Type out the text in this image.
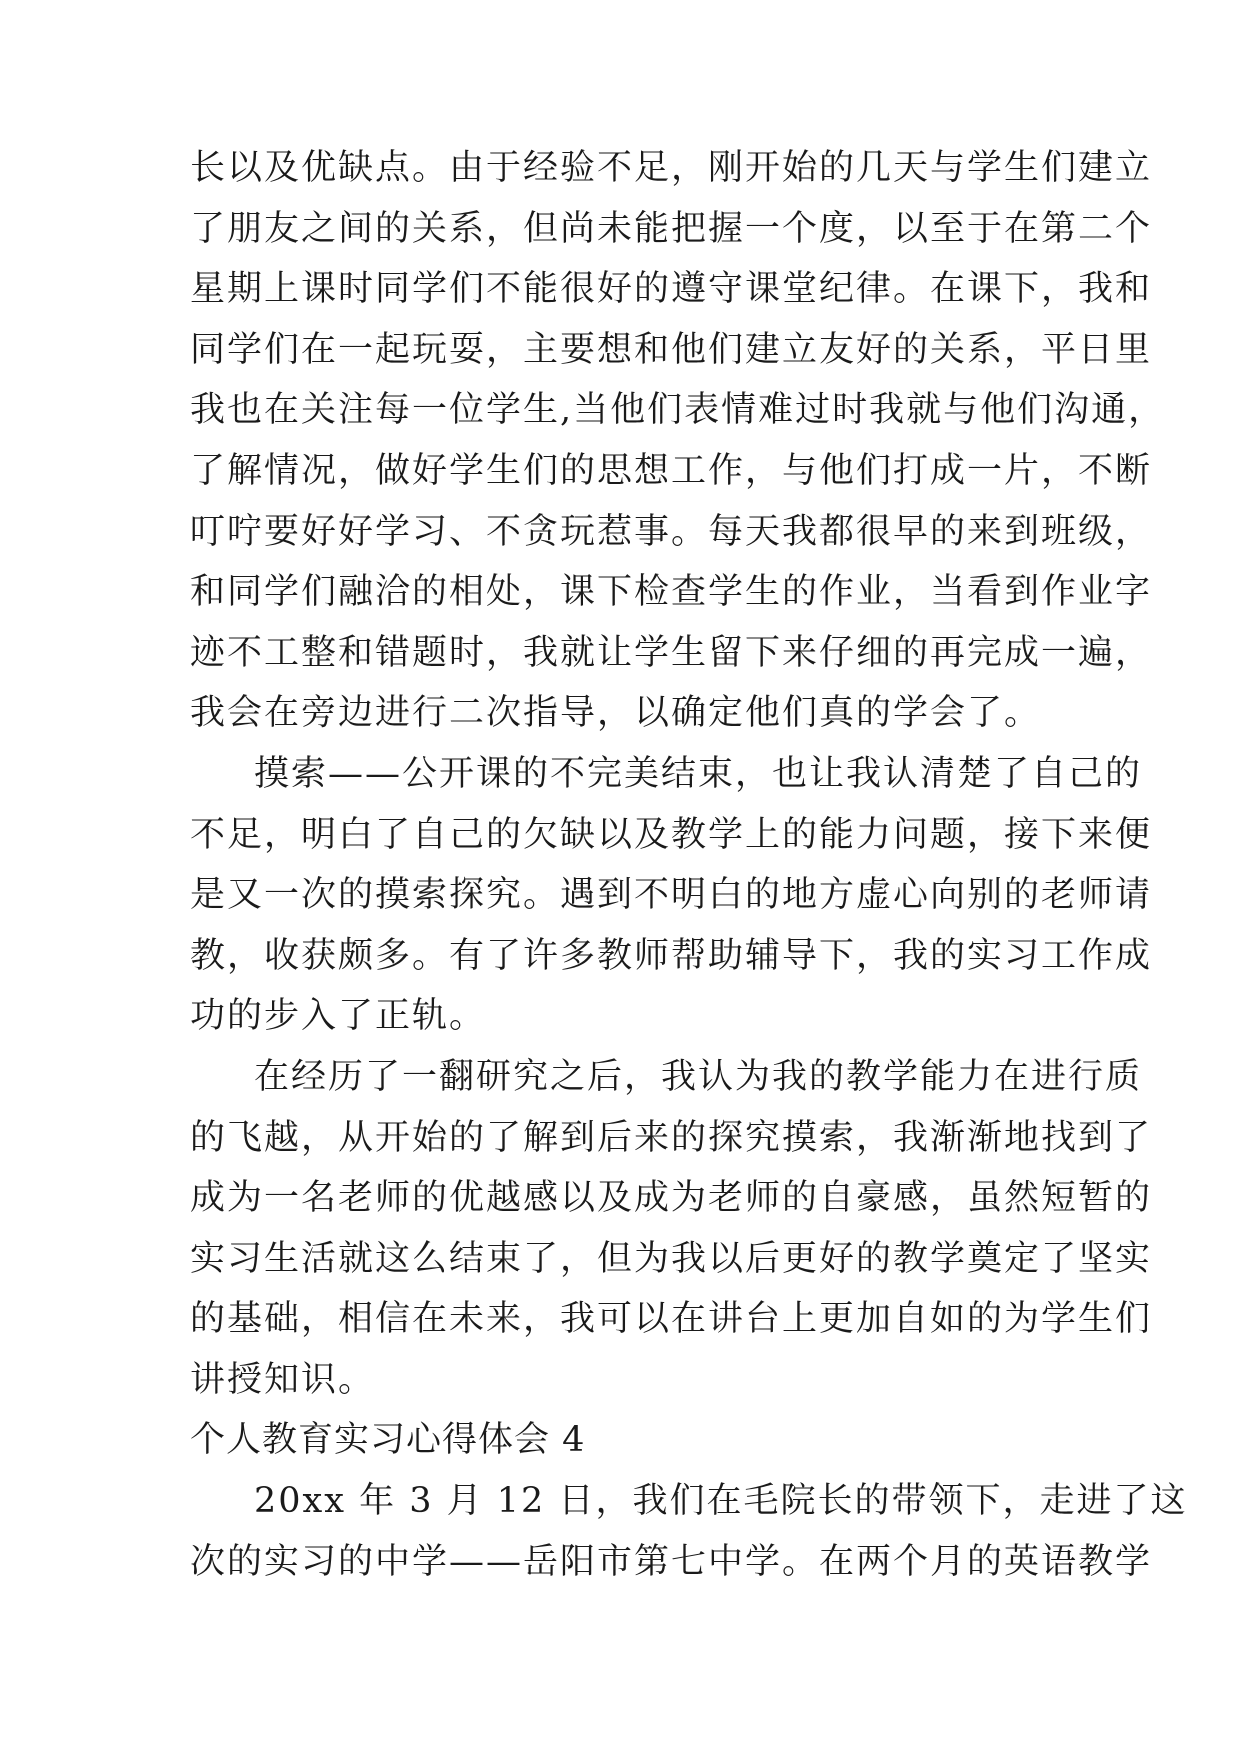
长以及优缺点。由于经验不足，刚开始的几天与学生们建立
了朋友之间的关系，但尚未能把握一个度，以至于在第二个
星期上课时同学们不能很好的遵守课堂纪律。在课下，我和
同学们在一起玩耍，主要想和他们建立友好的关系，平日里
我也在关注每一位学生,当他们表情难过时我就与他们沟通，
了解情况，做好学生们的思想工作，与他们打成一片，不断
叮咛要好好学习、不贪玩惹事。每天我都很早的来到班级，
和同学们融洽的相处，课下检查学生的作业，当看到作业字
迹不工整和错题时，我就让学生留下来仔细的再完成一遍，
我会在旁边进行二次指导，以确定他们真的学会了。
摸索——公开课的不完美结束，也让我认清楚了自己的
不足，明白了自己的欠缺以及教学上的能力问题，接下来便
是又一次的摸索探究。遇到不明白的地方虚心向别的老师请
教，收获颇多。有了许多教师帮助辅导下，我的实习工作成
功的步入了正轨。
在经历了一翻研究之后，我认为我的教学能力在进行质
的飞越，从开始的了解到后来的探究摸索，我渐渐地找到了
成为一名老师的优越感以及成为老师的自豪感，虽然短暂的
实习生活就这么结束了，但为我以后更好的教学奠定了坚实
的基础，相信在未来，我可以在讲台上更加自如的为学生们
讲授知识。
个人教育实习心得体会 4
20xx 年 3 月 12 日，我们在毛院长的带领下，走进了这
次的实习的中学——岳阳市第七中学。在两个月的英语教学
